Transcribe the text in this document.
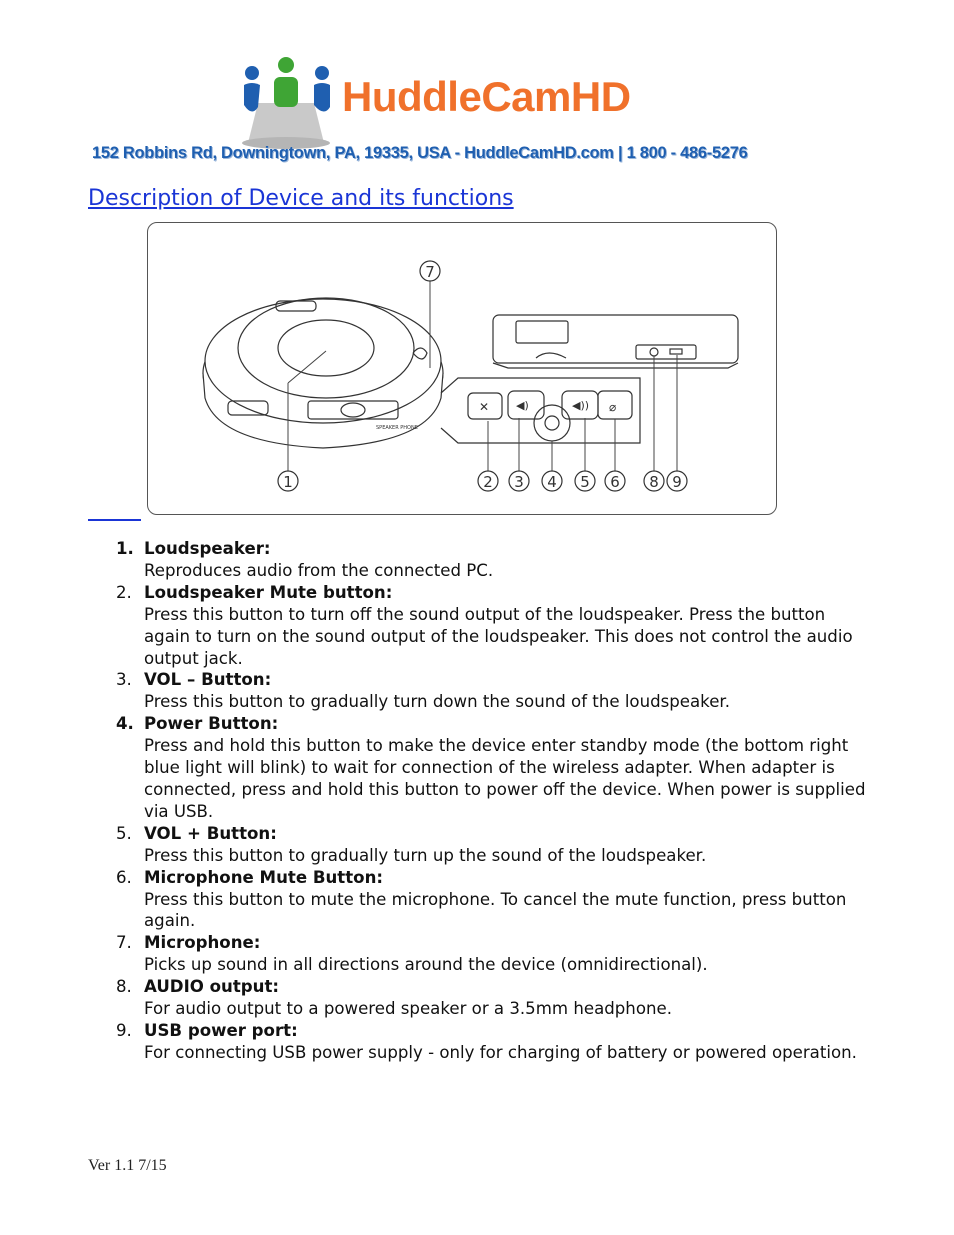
HuddleCamHD
152 Robbins Rd, Downingtown, PA, 19335, USA - HuddleCamHD.com | 1 800 - 486-5276
Description of Device and its functions
SPEAKER PHONE
✕ ◀)	◀)) ⌀
1	2 3 4 5 6
7
8 9
1. Loudspeaker:
Reproduces audio from the connected PC.
2. Loudspeaker Mute button:
Press this button to turn off the sound output of the loudspeaker. Press the button again to turn on the sound output of the loudspeaker. This does not control the audio output jack.
3. VOL – Button:
Press this button to gradually turn down the sound of the loudspeaker.
4. Power Button:
Press and hold this button to make the device enter standby mode (the bottom right blue light will blink) to wait for connection of the wireless adapter. When adapter is connected, press and hold this button to power off the device. When power is supplied via USB.
5. VOL + Button:
Press this button to gradually turn up the sound of the loudspeaker.
6. Microphone Mute Button:
Press this button to mute the microphone. To cancel the mute function, press button again.
7. Microphone:
Picks up sound in all directions around the device (omnidirectional).
8. AUDIO output:
For audio output to a powered speaker or a 3.5mm headphone.
9. USB power port:
For connecting USB power supply - only for charging of battery or powered operation.
Ver 1.1 7/15
